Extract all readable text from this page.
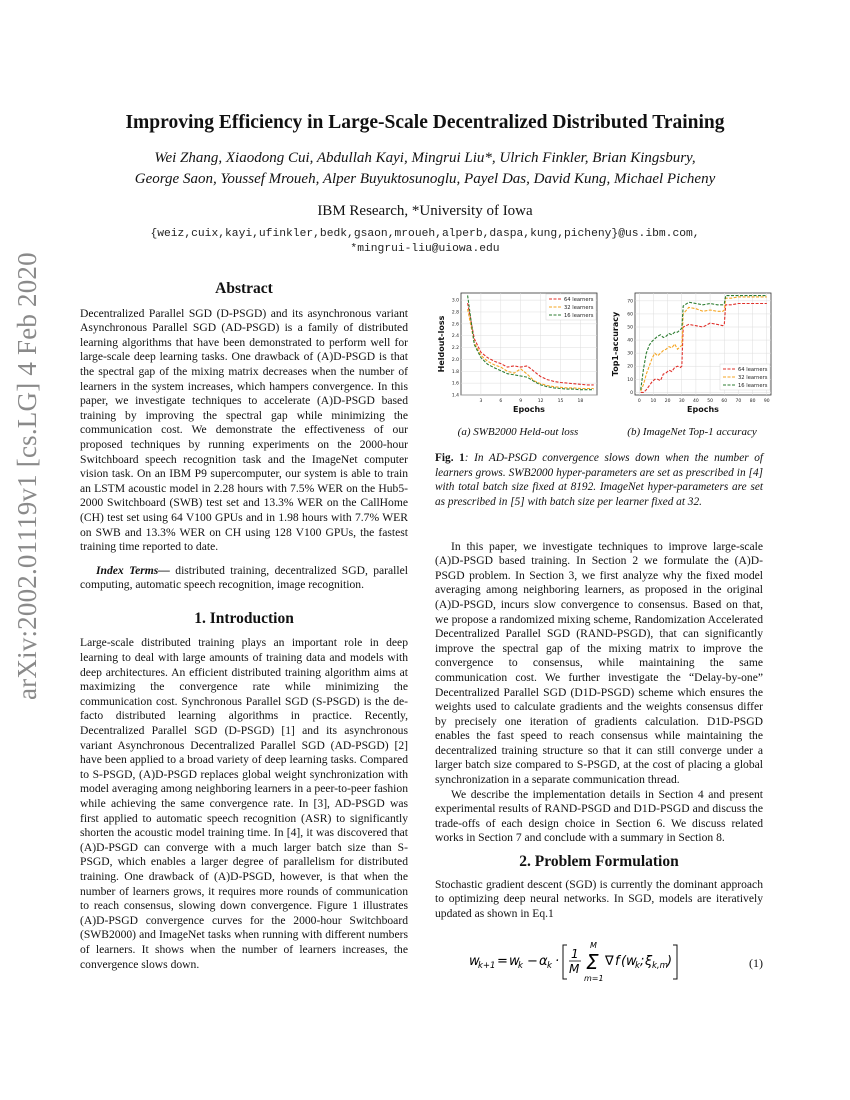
arXiv:2002.01119v1 [cs.LG] 4 Feb 2020
Improving Efficiency in Large-Scale Decentralized Distributed Training
Wei Zhang, Xiaodong Cui, Abdullah Kayi, Mingrui Liu*, Ulrich Finkler, Brian Kingsbury,
George Saon, Youssef Mroueh, Alper Buyuktosunoglu, Payel Das, David Kung, Michael Picheny
IBM Research, *University of Iowa
{weiz,cuix,kayi,ufinkler,bedk,gsaon,mroueh,alperb,daspa,kung,picheny}@us.ibm.com,
*mingrui-liu@uiowa.edu
Abstract

Decentralized Parallel SGD (D-PSGD) and its asynchronous variant Asynchronous Parallel SGD (AD-PSGD) is a family of distributed learning algorithms that have been demonstrated to perform well for large-scale deep learning tasks. One drawback of (A)D-PSGD is that the spectral gap of the mixing matrix decreases when the number of learners in the system increases, which hampers convergence. In this paper, we investigate techniques to accelerate (A)D-PSGD based training by improving the spectral gap while minimizing the communication cost. We demonstrate the effectiveness of our proposed techniques by running experiments on the 2000-hour Switchboard speech recognition task and the ImageNet computer vision task. On an IBM P9 supercomputer, our system is able to train an LSTM acoustic model in 2.28 hours with 7.5% WER on the Hub5-2000 Switchboard (SWB) test set and 13.3% WER on the CallHome (CH) test set using 64 V100 GPUs and in 1.98 hours with 7.7% WER on SWB and 13.3% WER on CH using 128 V100 GPUs, the fastest training time reported to date.

Index Terms— distributed training, decentralized SGD, parallel computing, automatic speech recognition, image recognition.

1. Introduction

Large-scale distributed training plays an important role in deep learning to deal with large amounts of training data and models with deep architectures. An efficient distributed training algorithm aims at maximizing the convergence rate while minimizing the communication cost. Synchronous Parallel SGD (S-PSGD) is the de-facto distributed learning algorithms in practice. Recently, Decentralized Parallel SGD (D-PSGD) [1] and its asynchronous variant Asynchronous Decentralized Parallel SGD (AD-PSGD) [2] have been applied to a broad variety of deep learning tasks. Compared to S-PSGD, (A)D-PSGD replaces global weight synchronization with model averaging among neighboring learners in a peer-to-peer fashion while achieving the same convergence rate. In [3], AD-PSGD was first applied to automatic speech recognition (ASR) to significantly shorten the acoustic model training time. In [4], it was discovered that (A)D-PSGD can converge with a much larger batch size than S-PSGD, which enables a larger degree of parallelism for distributed training. One drawback of (A)D-PSGD, however, is that when the number of learners grows, it requires more rounds of communication to reach consensus, slowing down convergence. Figure 1 illustrates (A)D-PSGD convergence curves for the 2000-hour Switchboard (SWB2000) and ImageNet tasks when running with different numbers of learners. It shows when the number of learners increases, the convergence slows down.

3	6	9	12	15	18
1.4
1.6
1.8
2.0
2.2
2.4
2.6
2.8
3.0
Epochs
Heldout-loss
64 learners
32 learners
16 learners
(a) SWB2000 Held-out loss
0 10 20 30 40 50 60 70 80 90
0
10
20
30
40
50
60
70
Epochs
Top1-accuracy	64 learners
32 learners
16 learners
(b) ImageNet Top-1 accuracy

Fig. 1: In AD-PSGD convergence slows down when the number of learners grows. SWB2000 hyper-parameters are set as prescribed in [4] with total batch size fixed at 8192. ImageNet hyper-parameters are set as prescribed in [5] with batch size per learner fixed at 32.

In this paper, we investigate techniques to improve large-scale (A)D-PSGD based training. In Section 2 we formulate the (A)D-PSGD problem. In Section 3, we first analyze why the fixed model averaging among neighboring learners, as proposed in the original (A)D-PSGD, incurs slow convergence to consensus. Based on that, we propose a randomized mixing scheme, Randomization Accelerated Decentralized Parallel SGD (RAND-PSGD), that can significantly improve the spectral gap of the mixing matrix to improve the convergence to consensus, while maintaining the same communication cost. We further investigate the “Delay-by-one” Decentralized Parallel SGD (D1D-PSGD) scheme which ensures the weights used to calculate gradients and the weights consensus differ by precisely one iteration of gradients calculation. D1D-PSGD enables the fast speed to reach consensus while maintaining the decentralized training structure so that it can still converge under a larger batch size compared to S-PSGD, at the cost of placing a global synchronization in a separate communication thread.

We describe the implementation details in Section 4 and present experimental results of RAND-PSGD and D1D-PSGD and discuss the trade-offs of each design choice in Section 6. We discuss related works in Section 7 and conclude with a summary in Section 8.

2. Problem Formulation

Stochastic gradient descent (SGD) is currently the dominant approach to optimizing deep neural networks. In SGD, models are iteratively updated as shown in Eq.1

w
k+1 = w
k − α k · 1
M
M
Σ
m=1
∇ f ( w
k ; ξ k,m )	(1)
